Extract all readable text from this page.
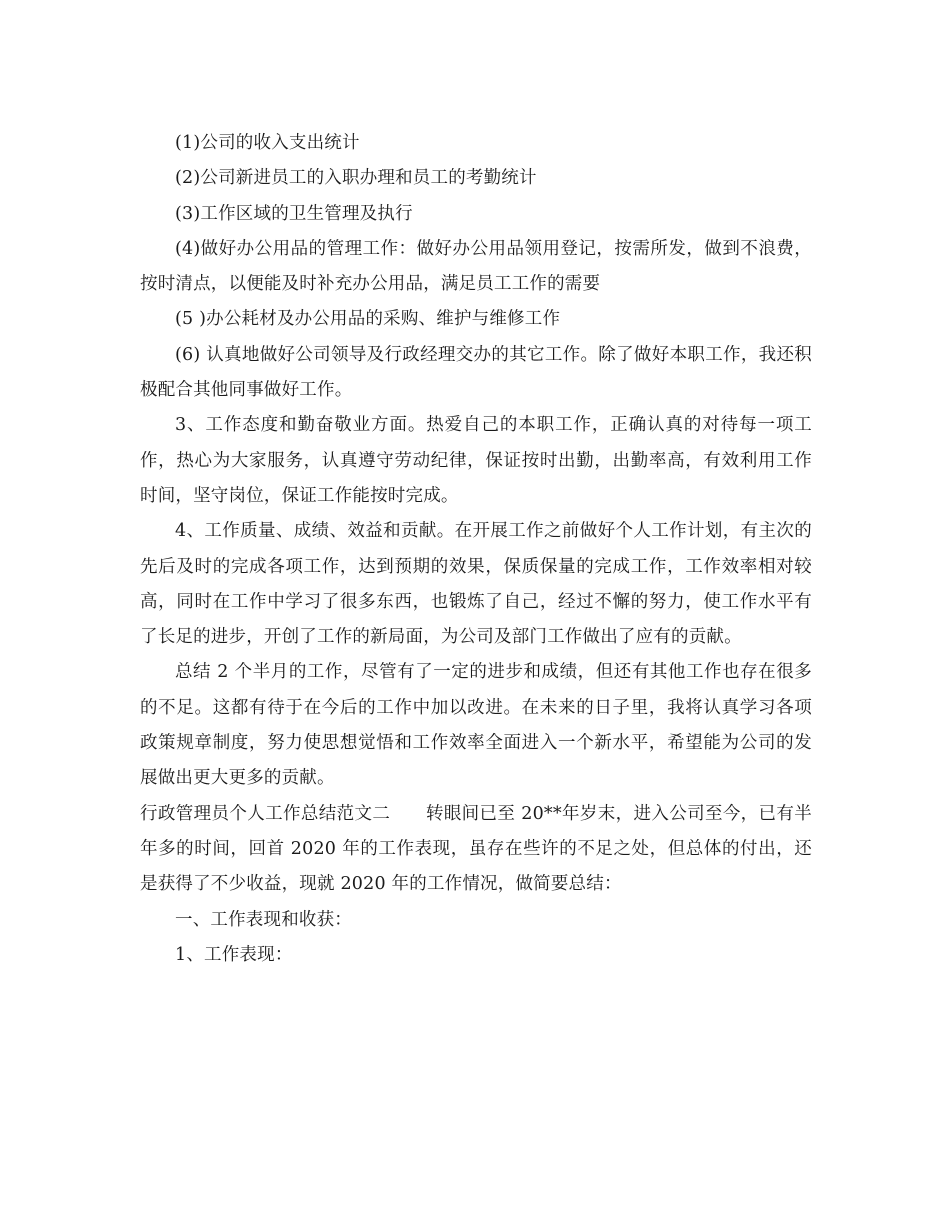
(1)公司的收入支出统计

(2)公司新进员工的入职办理和员工的考勤统计

(3)工作区域的卫生管理及执行

(4)做好办公用品的管理工作：做好办公用品领用登记，按需所发，做到不浪费，按时清点，以便能及时补充办公用品，满足员工工作的需要

(5 )办公耗材及办公用品的采购、维护与维修工作

(6) 认真地做好公司领导及行政经理交办的其它工作。除了做好本职工作，我还积极配合其他同事做好工作。

3、工作态度和勤奋敬业方面。热爱自己的本职工作，正确认真的对待每一项工作，热心为大家服务，认真遵守劳动纪律，保证按时出勤，出勤率高，有效利用工作时间，坚守岗位，保证工作能按时完成。

4、工作质量、成绩、效益和贡献。在开展工作之前做好个人工作计划，有主次的先后及时的完成各项工作，达到预期的效果，保质保量的完成工作，工作效率相对较高，同时在工作中学习了很多东西，也锻炼了自己，经过不懈的努力，使工作水平有了长足的进步，开创了工作的新局面，为公司及部门工作做出了应有的贡献。

总结 2 个半月的工作，尽管有了一定的进步和成绩，但还有其他工作也存在很多的不足。这都有待于在今后的工作中加以改进。在未来的日子里，我将认真学习各项政策规章制度，努力使思想觉悟和工作效率全面进入一个新水平，希望能为公司的发展做出更大更多的贡献。

行政管理员个人工作总结范文二　　转眼间已至 20**年岁末，进入公司至今，已有半年多的时间，回首 2020 年的工作表现，虽存在些许的不足之处，但总体的付出，还是获得了不少收益，现就 2020 年的工作情况，做简要总结：

一、工作表现和收获：

1、工作表现：
